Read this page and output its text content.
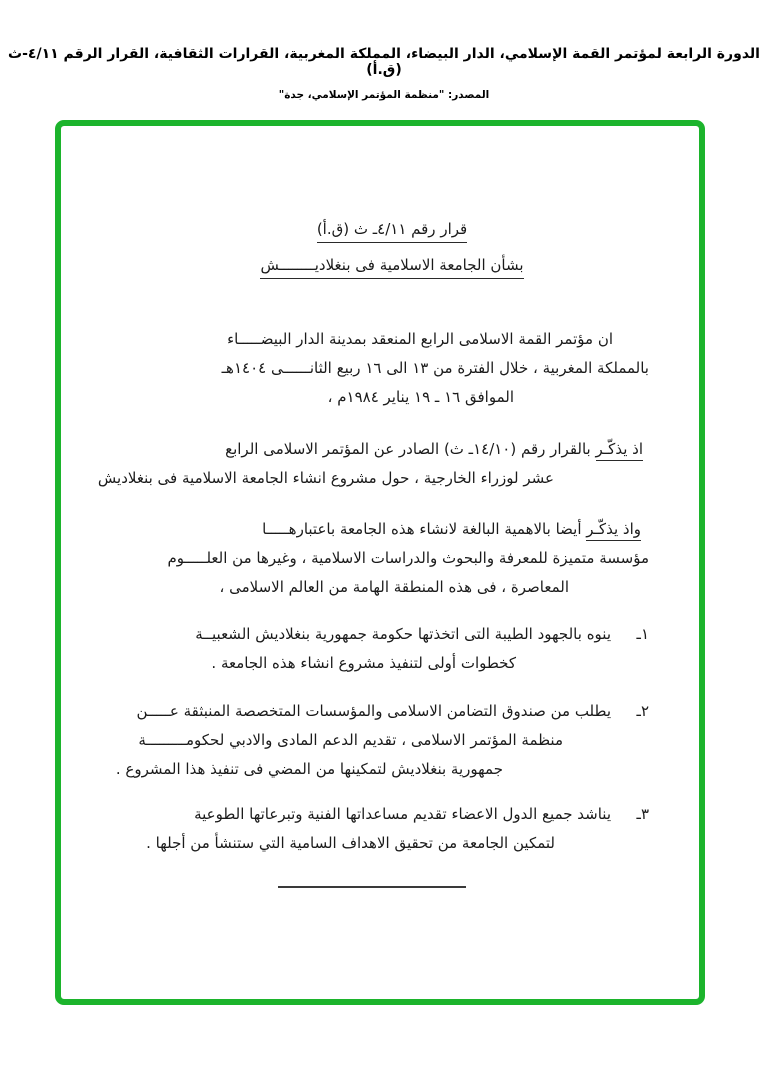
الدورة الرابعة لمؤتمر القمة الإسلامي، الدار البيضاء، المملكة المغربية، القرارات الثقافية، القرار الرقم ٤/١١-ث (ق.أ)
المصدر: "منظمة المؤتمر الإسلامي، جدة"
قرار رقم ٤/١١ـ ث (ق.أ)
بشأن الجامعة الاسلامية فى بنغلاديــــــــش
ان مؤتمر القمة الاسلامى الرابع المنعقد بمدينة الدار البيضـــــاء
بالمملكة المغربية ، خلال الفترة من ١٣ الى ١٦ ربيع الثانــــــى ١٤٠٤هـ
الموافق ١٦ ـ ١٩ يناير ١٩٨٤م ،
اذ يذكّـر بالقرار رقم (١٤/١٠ـ ث) الصادر عن المؤتمر الاسلامى الرابع
عشر لوزراء الخارجية ، حول مشروع انشاء الجامعة الاسلامية فى بنغلاديش
واذ يذكّـر أيضا بالاهمية البالغة لانشاء هذه الجامعة باعتبارهـــــا
مؤسسة متميزة للمعرفة والبحوث والدراسات الاسلامية ، وغيرها من العلـــــوم
المعاصرة ، فى هذه المنطقة الهامة من العالم الاسلامى ،
١ـ
ينوه بالجهود الطيبة التى اتخذتها حكومة جمهورية بنغلاديش الشعبيــة
كخطوات أولى لتنفيذ مشروع انشاء هذه الجامعة .
٢ـ
يطلب من صندوق التضامن الاسلامى والمؤسسات المتخصصة المنبثقة عـــــن
منظمة المؤتمر الاسلامى ، تقديم الدعم المادى والادبي لحكومـــــــــة
جمهورية بنغلاديش لتمكينها من المضي فى تنفيذ هذا المشروع .
٣ـ
يناشد جميع الدول الاعضاء تقديم مساعداتها الفنية وتبرعاتها الطوعية
لتمكين الجامعة من تحقيق الاهداف السامية التي ستنشأ من أجلها .
